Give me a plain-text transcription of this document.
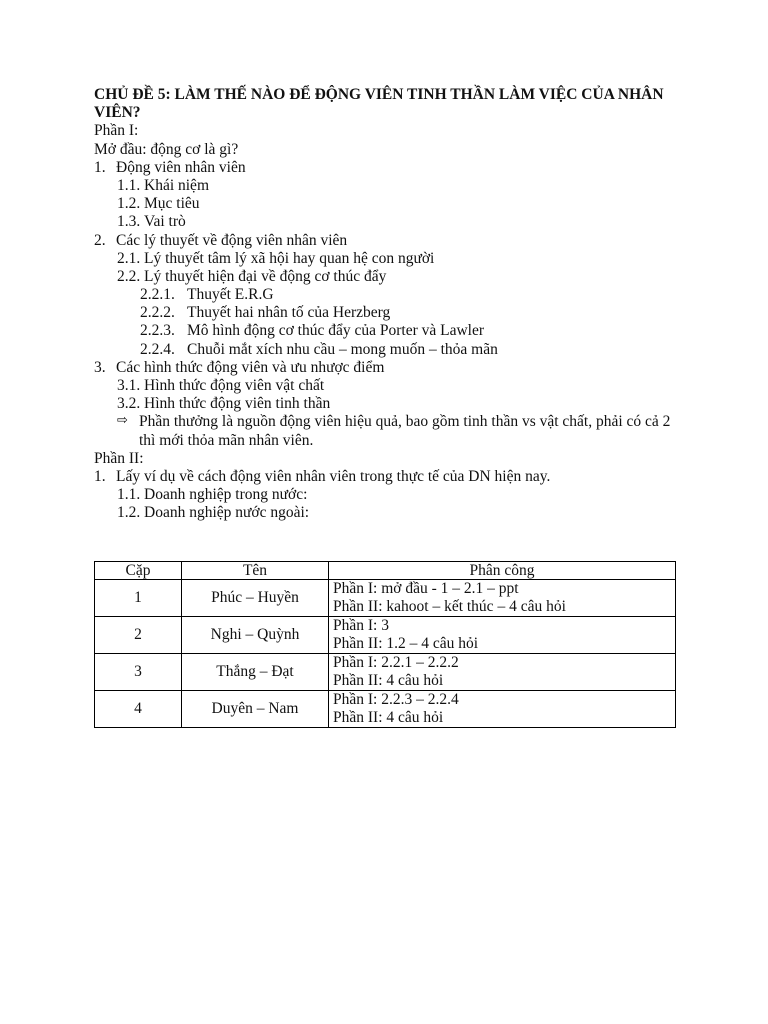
CHỦ ĐỀ 5: LÀM THẾ NÀO ĐỂ ĐỘNG VIÊN TINH THẦN LÀM VIỆC CỦA NHÂN VIÊN?
Phần I:
Mở đầu: động cơ là gì?
1. Động viên nhân viên
1.1. Khái niệm
1.2. Mục tiêu
1.3. Vai trò
2. Các lý thuyết về động viên nhân viên
2.1. Lý thuyết tâm lý xã hội hay quan hệ con người
2.2. Lý thuyết hiện đại về động cơ thúc đẩy
2.2.1. Thuyết E.R.G
2.2.2. Thuyết hai nhân tố của Herzberg
2.2.3. Mô hình động cơ thúc đẩy của Porter và Lawler
2.2.4. Chuỗi mắt xích nhu cầu – mong muốn – thỏa mãn
3. Các hình thức động viên và ưu nhược điểm
3.1. Hình thức động viên vật chất
3.2. Hình thức động viên tinh thần
⇨ Phần thưởng là nguồn động viên hiệu quả, bao gồm tinh thần vs vật chất, phải có cả 2 thì mới thỏa mãn nhân viên.
Phần II:
1. Lấy ví dụ về cách động viên nhân viên trong thực tế của DN hiện nay.
1.1. Doanh nghiệp trong nước:
1.2. Doanh nghiệp nước ngoài:
Cặp	Tên	Phân công
1	Phúc – Huyền	Phần I: mở đầu - 1 – 2.1 – ppt
Phần II: kahoot – kết thúc – 4 câu hỏi

2	Nghi – Quỳnh	Phần I: 3
Phần II: 1.2 – 4 câu hỏi

3	Thắng – Đạt	Phần I: 2.2.1 – 2.2.2
Phần II: 4 câu hỏi

4	Duyên – Nam	Phần I: 2.2.3 – 2.2.4
Phần II: 4 câu hỏi
